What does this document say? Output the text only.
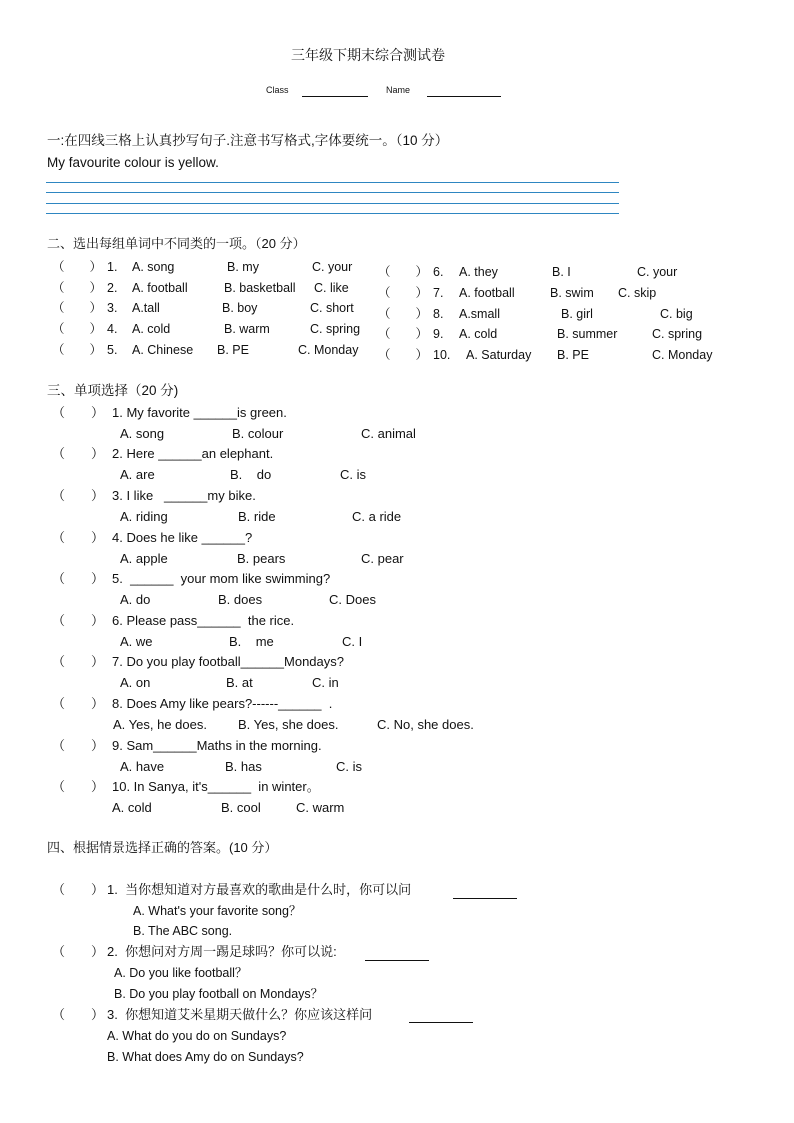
三年级下期末综合测试卷
Class	Name
一:在四线三格上认真抄写句子.注意书写格式,字体要统一。（10 分）
My favourite colour is yellow.
二、选出每组单词中不同类的一项。（20 分）
（　　） 1. A. song	B. my	C. your
（　　） 2. A. football	B. basketball C. like
（　　） 3. A.tall	B. boy	C. short
（　　） 4. A. cold	B. warm	C. spring
（　　） 5. A. Chinese B. PE	C. Monday
（　　） 6. A. they	B. I	C. your
（　　） 7. A. football	B. swim C. skip
（　　） 8. A.small	B. girl	C. big
（　　） 9. A. cold	B. summer	C. spring
（　　） 10. A. Saturday B. PE	C. Monday
三、单项选择（20 分)
（　　） 1. My favorite ______is green.
A. song	B. colour	C. animal
（　　） 2. Here ______an elephant.
A. are	B.    do	C. is
（　　） 3. I like   ______my bike.
A. riding	B. ride	C. a ride
（　　） 4. Does he like ______?
A. apple	B. pears	C. pear
（　　） 5.  ______  your mom like swimming?
A. do	B. does	C. Does
（　　） 6. Please pass______  the rice.
A. we	B.    me	C. I
（　　） 7. Do you play football______Mondays?
A. on	B. at	C. in
（　　） 8. Does Amy like pears?------______  .
A. Yes, he does. B. Yes, she does.	C. No, she does.
（　　） 9. Sam______Maths in the morning.
A. have	B. has	C. is
（　　） 10. In Sanya, it's______  in winter。
A. cold	B. cool	C. warm
四、根据情景选择正确的答案。(10 分）
（　　） 1.  当你想知道对方最喜欢的歌曲是什么时，你可以问
A. What's your favorite song？
B. The ABC song.
（　　） 2.  你想问对方周一踢足球吗？你可以说:
A. Do you like football？
B. Do you play football on Mondays？
（　　） 3.  你想知道艾米星期天做什么？你应该这样问
A. What do you do on Sundays?
B. What does Amy do on Sundays?
